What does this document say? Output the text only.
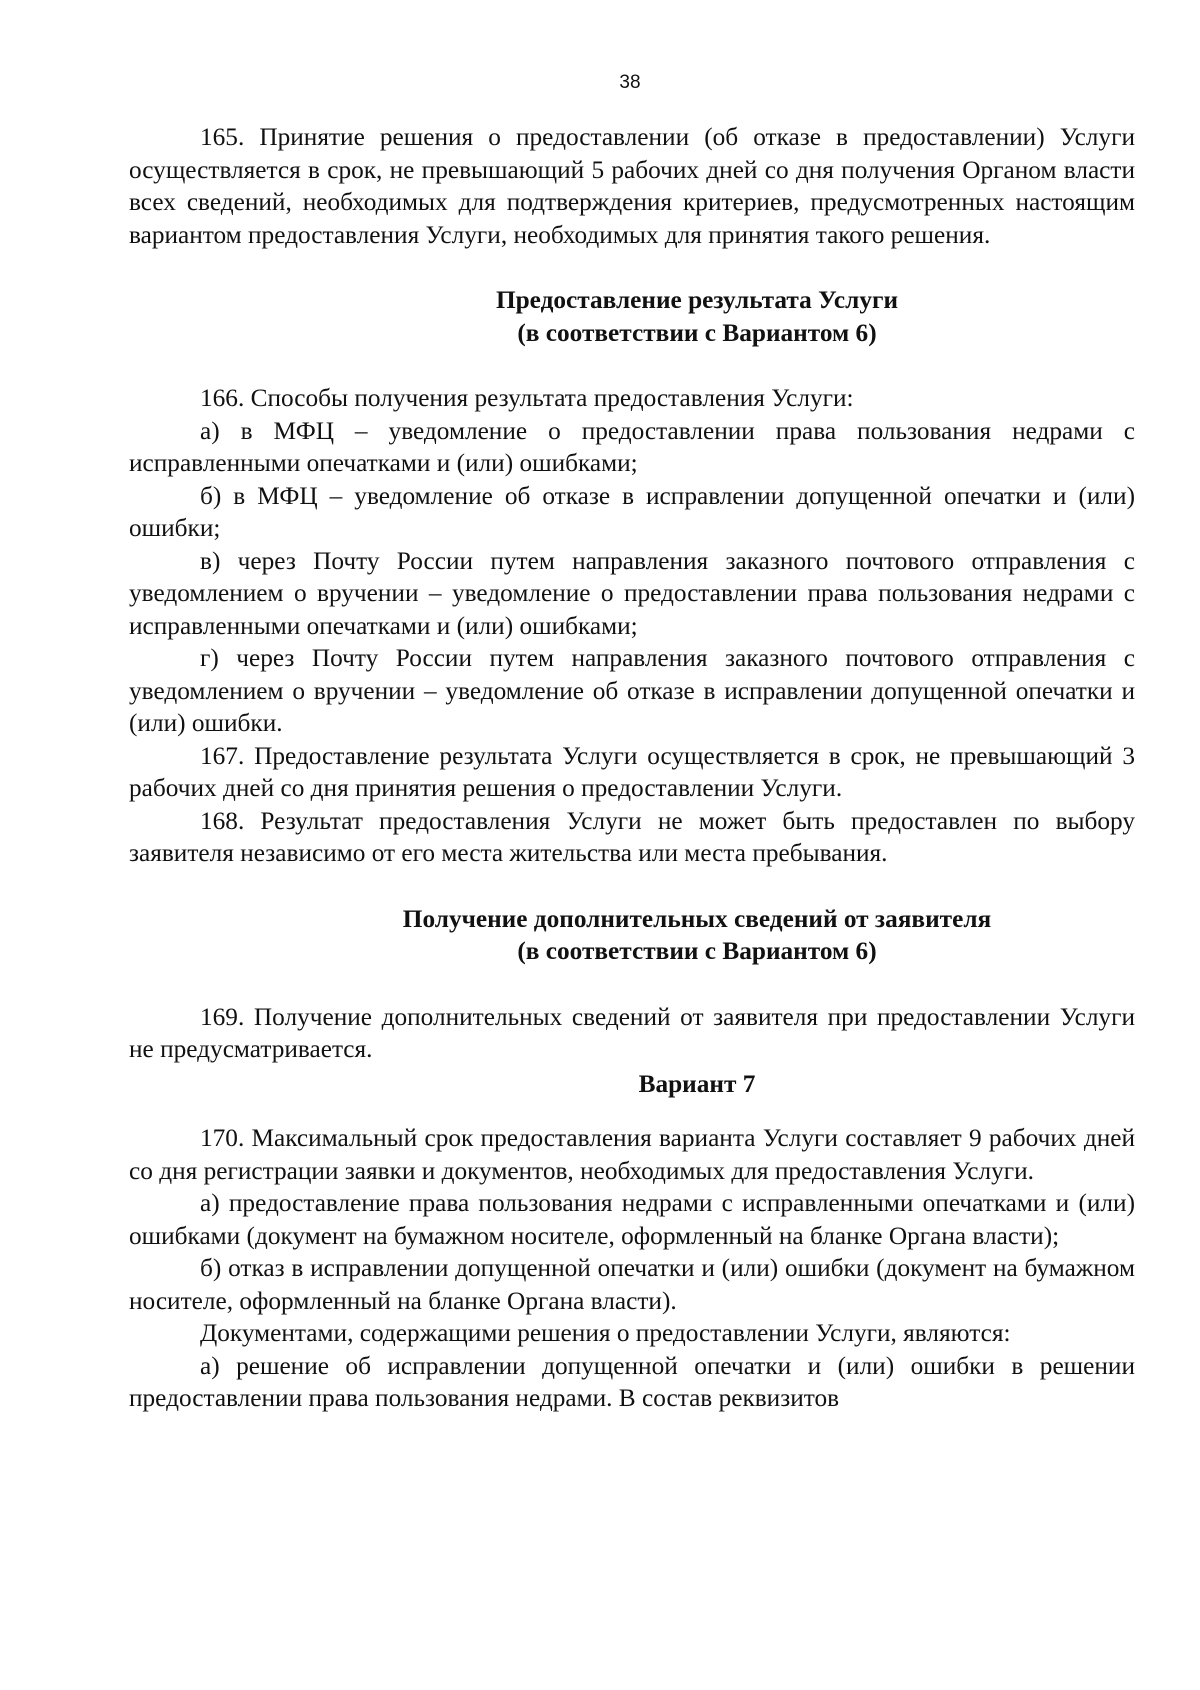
38

165. Принятие решения о предоставлении (об отказе в предоставлении) Услуги осуществляется в срок, не превышающий 5 рабочих дней со дня получения Органом власти всех сведений, необходимых для подтверждения критериев, предусмотренных настоящим вариантом предоставления Услуги, необходимых для принятия такого решения.

Предоставление результата Услуги

(в соответствии с Вариантом 6)

166. Способы получения результата предоставления Услуги:

а) в МФЦ – уведомление о предоставлении права пользования недрами с исправленными опечатками и (или) ошибками;

б) в МФЦ – уведомление об отказе в исправлении допущенной опечатки и (или) ошибки;

в) через Почту России путем направления заказного почтового отправления с уведомлением о вручении – уведомление о предоставлении права пользования недрами с исправленными опечатками и (или) ошибками;

г) через Почту России путем направления заказного почтового отправления с уведомлением о вручении – уведомление об отказе в исправлении допущенной опечатки и (или) ошибки.

167. Предоставление результата Услуги осуществляется в срок, не превышающий 3 рабочих дней со дня принятия решения о предоставлении Услуги.

168. Результат предоставления Услуги не может быть предоставлен по выбору заявителя независимо от его места жительства или места пребывания.

Получение дополнительных сведений от заявителя

(в соответствии с Вариантом 6)

169. Получение дополнительных сведений от заявителя при предоставлении Услуги не предусматривается.

Вариант 7

170. Максимальный срок предоставления варианта Услуги составляет 9 рабочих дней со дня регистрации заявки и документов, необходимых для предоставления Услуги.

а) предоставление права пользования недрами с исправленными опечатками и (или) ошибками (документ на бумажном носителе, оформленный на бланке Органа власти);

б) отказ в исправлении допущенной опечатки и (или) ошибки (документ на бумажном носителе, оформленный на бланке Органа власти).

Документами, содержащими решения о предоставлении Услуги, являются:

а) решение об исправлении допущенной опечатки и (или) ошибки в решении предоставлении права пользования недрами. В состав реквизитов
